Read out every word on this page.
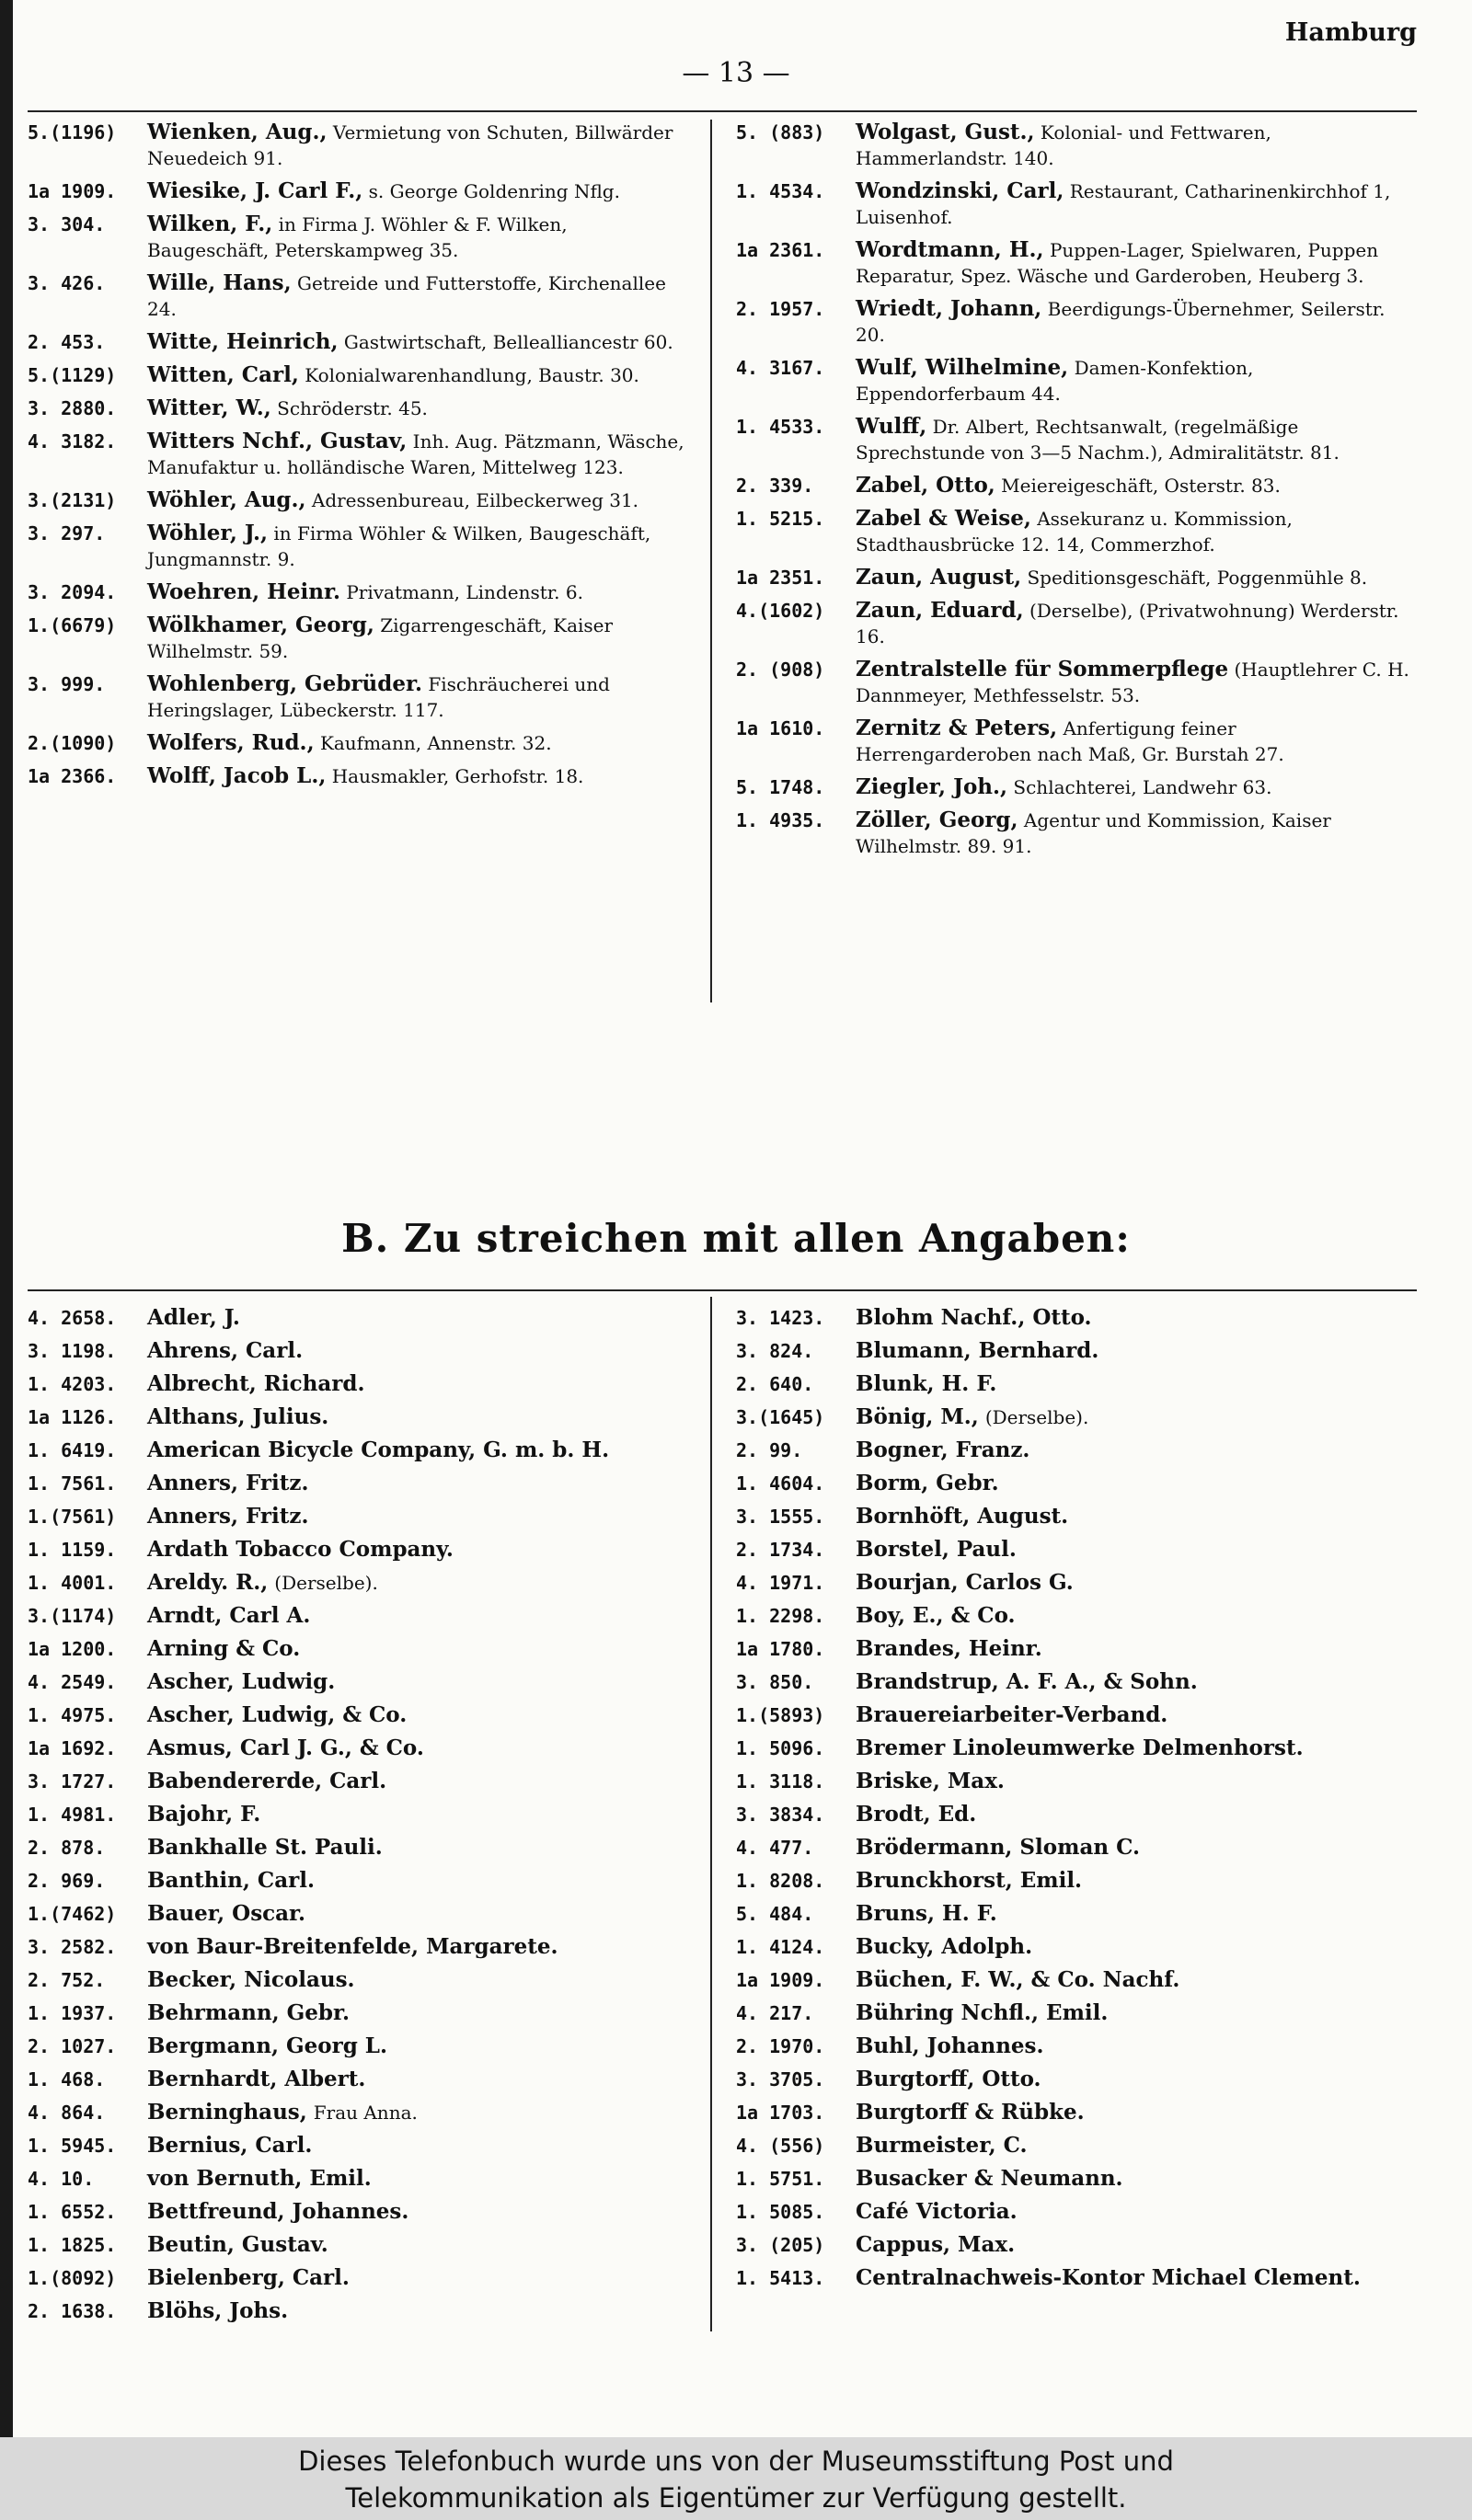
Hamburg
— 13 —
5.(1196)	Wienken, Aug., Vermietung von Schuten, Billwärder Neuedeich 91.
1a 1909.	Wiesike, J. Carl F., s. George Goldenring Nflg.
3. 304.	Wilken, F., in Firma J. Wöhler & F. Wilken, Baugeschäft, Peterskampweg 35.
3. 426.	Wille, Hans, Getreide und Futterstoffe, Kirchenallee 24.
2. 453.	Witte, Heinrich, Gastwirtschaft, Bellealliancestr 60.
5.(1129)	Witten, Carl, Kolonialwarenhandlung, Baustr. 30.
3. 2880.	Witter, W., Schröderstr. 45.
4. 3182.	Witters Nchf., Gustav, Inh. Aug. Pätzmann, Wäsche, Manufaktur u. holländische Waren, Mittelweg 123.
3.(2131)	Wöhler, Aug., Adressenbureau, Eilbeckerweg 31.
3. 297.	Wöhler, J., in Firma Wöhler & Wilken, Baugeschäft, Jungmannstr. 9.
3. 2094.	Woehren, Heinr. Privatmann, Lindenstr. 6.
1.(6679)	Wölkhamer, Georg, Zigarrengeschäft, Kaiser Wilhelmstr. 59.
3. 999.	Wohlenberg, Gebrüder. Fischräucherei und Heringslager, Lübeckerstr. 117.
2.(1090)	Wolfers, Rud., Kaufmann, Annenstr. 32.
1a 2366.	Wolff, Jacob L., Hausmakler, Gerhofstr. 18.
5. (883)	Wolgast, Gust., Kolonial- und Fettwaren, Hammerlandstr. 140.
1. 4534.	Wondzinski, Carl, Restaurant, Catharinenkirchhof 1, Luisenhof.
1a 2361.	Wordtmann, H., Puppen-Lager, Spielwaren, Puppen Reparatur, Spez. Wäsche und Garderoben, Heuberg 3.
2. 1957.	Wriedt, Johann, Beerdigungs-Übernehmer, Seilerstr. 20.
4. 3167.	Wulf, Wilhelmine, Damen-Konfektion, Eppendorferbaum 44.
1. 4533.	Wulff, Dr. Albert, Rechtsanwalt, (regelmäßige Sprechstunde von 3—5 Nachm.), Admiralitätstr. 81.
2. 339.	Zabel, Otto, Meiereigeschäft, Osterstr. 83.
1. 5215.	Zabel & Weise, Assekuranz u. Kommission, Stadthausbrücke 12. 14, Commerzhof.
1a 2351.	Zaun, August, Speditionsgeschäft, Poggenmühle 8.
4.(1602)	Zaun, Eduard, (Derselbe), (Privatwohnung) Werderstr. 16.
2. (908)	Zentralstelle für Sommerpflege (Hauptlehrer C. H. Dannmeyer, Methfesselstr. 53.
1a 1610.	Zernitz & Peters, Anfertigung feiner Herrengarderoben nach Maß, Gr. Burstah 27.
5. 1748.	Ziegler, Joh., Schlachterei, Landwehr 63.
1. 4935.	Zöller, Georg, Agentur und Kommission, Kaiser Wilhelmstr. 89. 91.
B. Zu streichen mit allen Angaben:
4. 2658.	Adler, J.
3. 1198.	Ahrens, Carl.
1. 4203.	Albrecht, Richard.
1a 1126.	Althans, Julius.
1. 6419.	American Bicycle Company, G. m. b. H.
1. 7561.	Anners, Fritz.
1.(7561)	Anners, Fritz.
1. 1159.	Ardath Tobacco Company.
1. 4001.	Areldy. R., (Derselbe).
3.(1174)	Arndt, Carl A.
1a 1200.	Arning & Co.
4. 2549.	Ascher, Ludwig.
1. 4975.	Ascher, Ludwig, & Co.
1a 1692.	Asmus, Carl J. G., & Co.
3. 1727.	Babendererde, Carl.
1. 4981.	Bajohr, F.
2. 878.	Bankhalle St. Pauli.
2. 969.	Banthin, Carl.
1.(7462)	Bauer, Oscar.
3. 2582.	von Baur-Breitenfelde, Margarete.
2. 752.	Becker, Nicolaus.
1. 1937.	Behrmann, Gebr.
2. 1027.	Bergmann, Georg L.
1. 468.	Bernhardt, Albert.
4. 864.	Berninghaus, Frau Anna.
1. 5945.	Bernius, Carl.
4. 10.	von Bernuth, Emil.
1. 6552.	Bettfreund, Johannes.
1. 1825.	Beutin, Gustav.
1.(8092)	Bielenberg, Carl.
2. 1638.	Blöhs, Johs.
3. 1423.	Blohm Nachf., Otto.
3. 824.	Blumann, Bernhard.
2. 640.	Blunk, H. F.
3.(1645)	Bönig, M., (Derselbe).
2. 99.	Bogner, Franz.
1. 4604.	Borm, Gebr.
3. 1555.	Bornhöft, August.
2. 1734.	Borstel, Paul.
4. 1971.	Bourjan, Carlos G.
1. 2298.	Boy, E., & Co.
1a 1780.	Brandes, Heinr.
3. 850.	Brandstrup, A. F. A., & Sohn.
1.(5893)	Brauereiarbeiter-Verband.
1. 5096.	Bremer Linoleumwerke Delmenhorst.
1. 3118.	Briske, Max.
3. 3834.	Brodt, Ed.
4. 477.	Brödermann, Sloman C.
1. 8208.	Brunckhorst, Emil.
5. 484.	Bruns, H. F.
1. 4124.	Bucky, Adolph.
1a 1909.	Büchen, F. W., & Co. Nachf.
4. 217.	Bühring Nchfl., Emil.
2. 1970.	Buhl, Johannes.
3. 3705.	Burgtorff, Otto.
1a 1703.	Burgtorff & Rübke.
4. (556)	Burmeister, C.
1. 5751.	Busacker & Neumann.
1. 5085.	Café Victoria.
3. (205)	Cappus, Max.
1. 5413.	Centralnachweis-Kontor Michael Clement.
Dieses Telefonbuch wurde uns von der Museumsstiftung Post und
Telekommunikation als Eigentümer zur Verfügung gestellt.
